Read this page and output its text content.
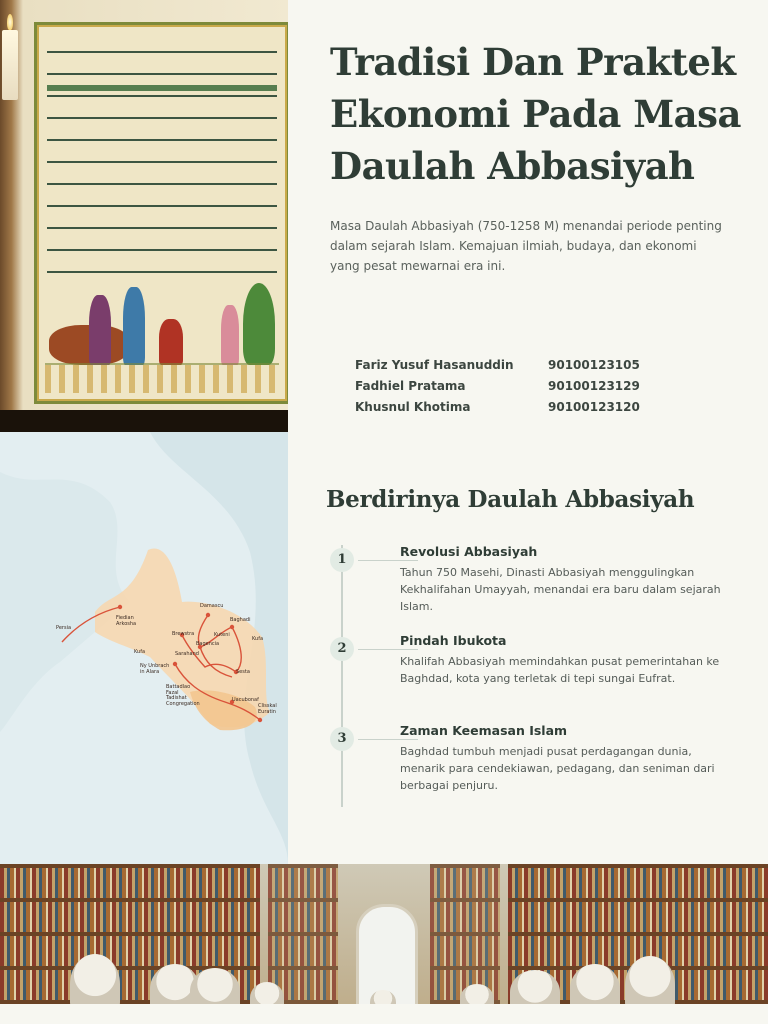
Persia
Fiedian Arkosha
Damascu
Baghadi
Brewstra	Kuteni
Kufa
Bagencia
Kufa	Sarahand
Sesta
Ny Unbrach in Alara
Battadlao Fazal Tadishat Congregation
Uacubonaf
Clisskal Euratin
Tradisi Dan Praktek Ekonomi Pada Masa Daulah Abbasiyah

Masa Daulah Abbasiyah (750-1258 M) menandai periode penting dalam sejarah Islam. Kemajuan ilmiah, budaya, dan ekonomi yang pesat mewarnai era ini.

Fariz Yusuf Hasanuddin	90100123105
Fadhiel Pratama	90100123129
Khusnul Khotima	90100123120
Berdirinya Daulah Abbasiyah
1
Revolusi Abbasiyah
Tahun 750 Masehi, Dinasti Abbasiyah menggulingkan Kekhalifahan Umayyah, menandai era baru dalam sejarah Islam.
2
Pindah Ibukota
Khalifah Abbasiyah memindahkan pusat pemerintahan ke Baghdad, kota yang terletak di tepi sungai Eufrat.
3
Zaman Keemasan Islam
Baghdad tumbuh menjadi pusat perdagangan dunia, menarik para cendekiawan, pedagang, dan seniman dari berbagai penjuru.
